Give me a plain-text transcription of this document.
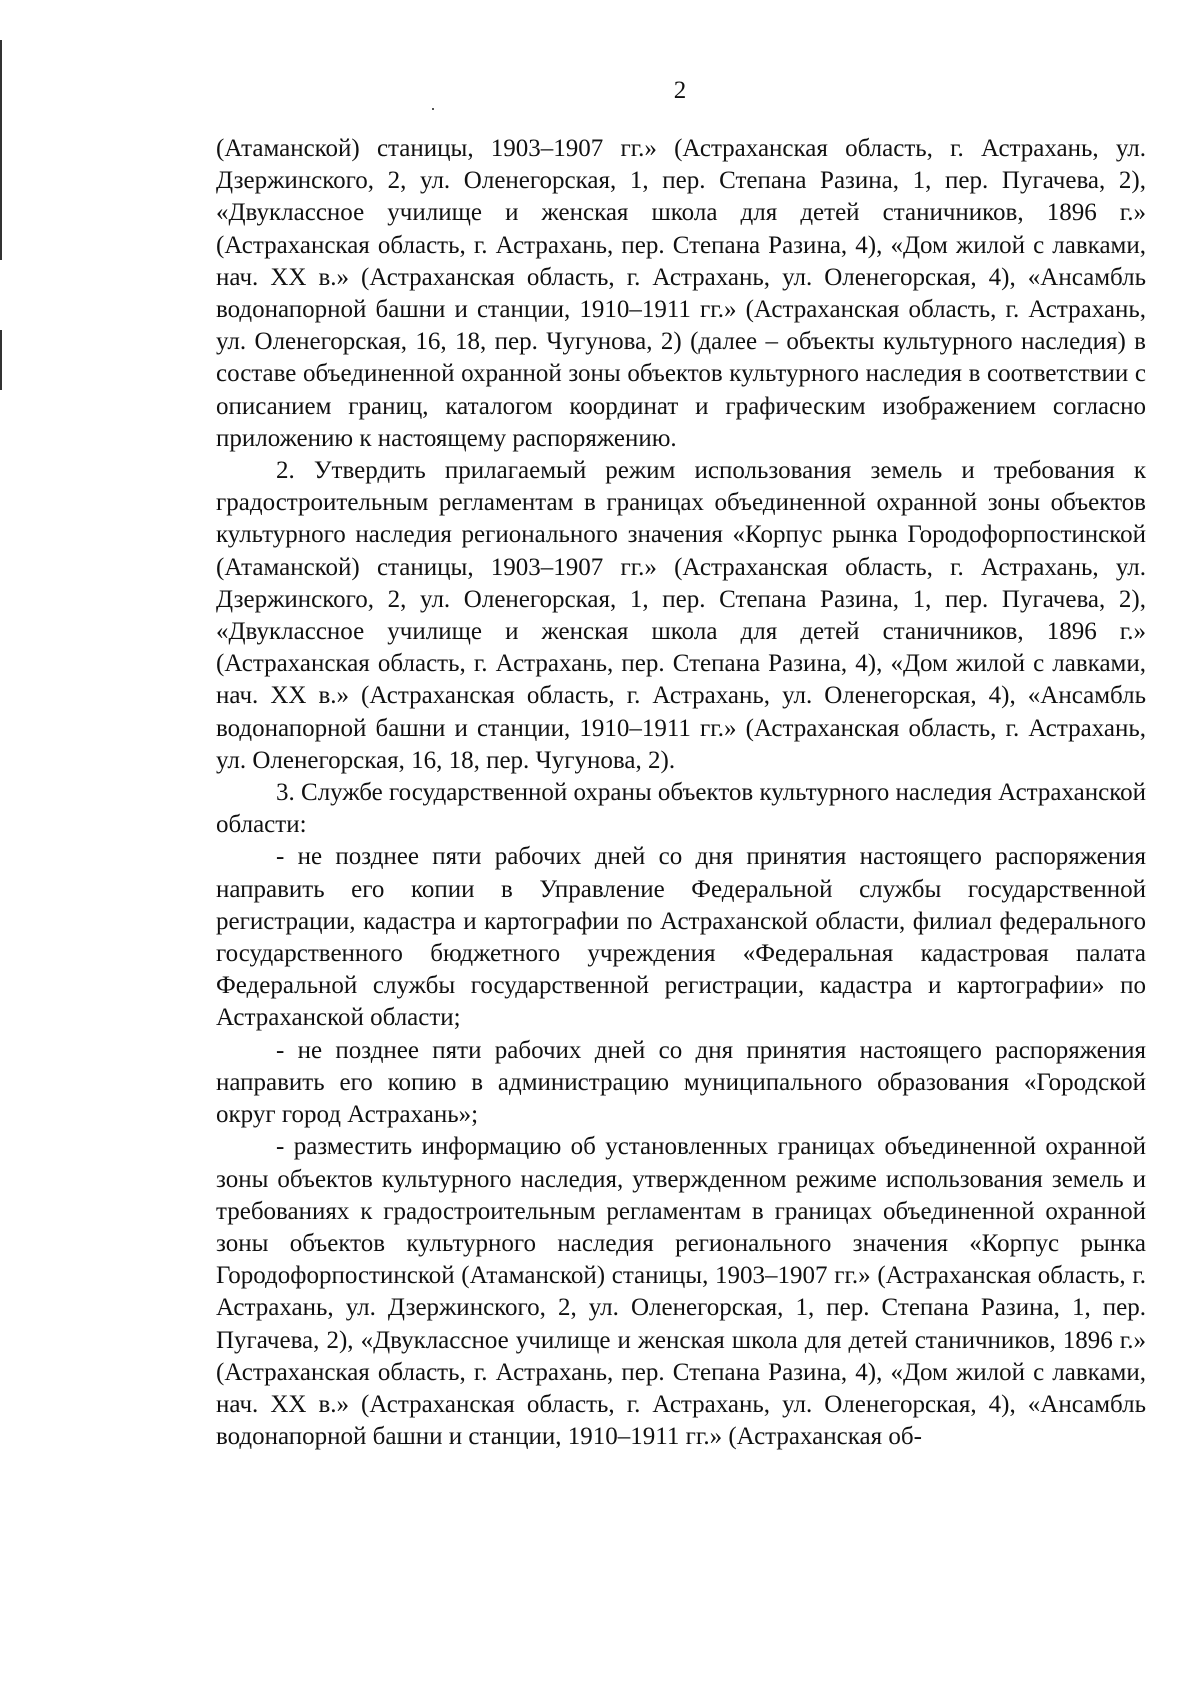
2

(Атаманской) станицы, 1903–1907 гг.» (Астраханская область, г. Астрахань, ул. Дзержинского, 2, ул. Оленегорская, 1, пер. Степана Разина, 1, пер. Пугачева, 2), «Двуклассное училище и женская школа для детей станичников, 1896 г.» (Астраханская область, г. Астрахань, пер. Степана Разина, 4), «Дом жилой с лавками, нач. XX в.» (Астраханская область, г. Астрахань, ул. Оленегорская, 4), «Ансамбль водонапорной башни и станции, 1910–1911 гг.» (Астраханская область, г. Астрахань, ул. Оленегорская, 16, 18, пер. Чугунова, 2) (далее – объекты культурного наследия) в составе объединенной охранной зоны объектов культурного наследия в соответствии с описанием границ, каталогом координат и графическим изображением согласно приложению к настоящему распоряжению.

2. Утвердить прилагаемый режим использования земель и требования к градостроительным регламентам в границах объединенной охранной зоны объектов культурного наследия регионального значения «Корпус рынка Городофорпостинской (Атаманской) станицы, 1903–1907 гг.» (Астраханская область, г. Астрахань, ул. Дзержинского, 2, ул. Оленегорская, 1, пер. Степана Разина, 1, пер. Пугачева, 2), «Двуклассное училище и женская школа для детей станичников, 1896 г.» (Астраханская область, г. Астрахань, пер. Степана Разина, 4), «Дом жилой с лавками, нач. XX в.» (Астраханская область, г. Астрахань, ул. Оленегорская, 4), «Ансамбль водонапорной башни и станции, 1910–1911 гг.» (Астраханская область, г. Астрахань, ул. Оленегорская, 16, 18, пер. Чугунова, 2).

3. Службе государственной охраны объектов культурного наследия Астраханской области:

- не позднее пяти рабочих дней со дня принятия настоящего распоряжения направить его копии в Управление Федеральной службы государственной регистрации, кадастра и картографии по Астраханской области, филиал федерального государственного бюджетного учреждения «Федеральная кадастровая палата Федеральной службы государственной регистрации, кадастра и картографии» по Астраханской области;

- не позднее пяти рабочих дней со дня принятия настоящего распоряжения направить его копию в администрацию муниципального образования «Городской округ город Астрахань»;

- разместить информацию об установленных границах объединенной охранной зоны объектов культурного наследия, утвержденном режиме использования земель и требованиях к градостроительным регламентам в границах объединенной охранной зоны объектов культурного наследия регионального значения «Корпус рынка Городофорпостинской (Атаманской) станицы, 1903–1907 гг.» (Астраханская область, г. Астрахань, ул. Дзержинского, 2, ул. Оленегорская, 1, пер. Степана Разина, 1, пер. Пугачева, 2), «Двуклассное училище и женская школа для детей станичников, 1896 г.» (Астраханская область, г. Астрахань, пер. Степана Разина, 4), «Дом жилой с лавками, нач. XX в.» (Астраханская область, г. Астрахань, ул. Оленегорская, 4), «Ансамбль водонапорной башни и станции, 1910–1911 гг.» (Астраханская об-
